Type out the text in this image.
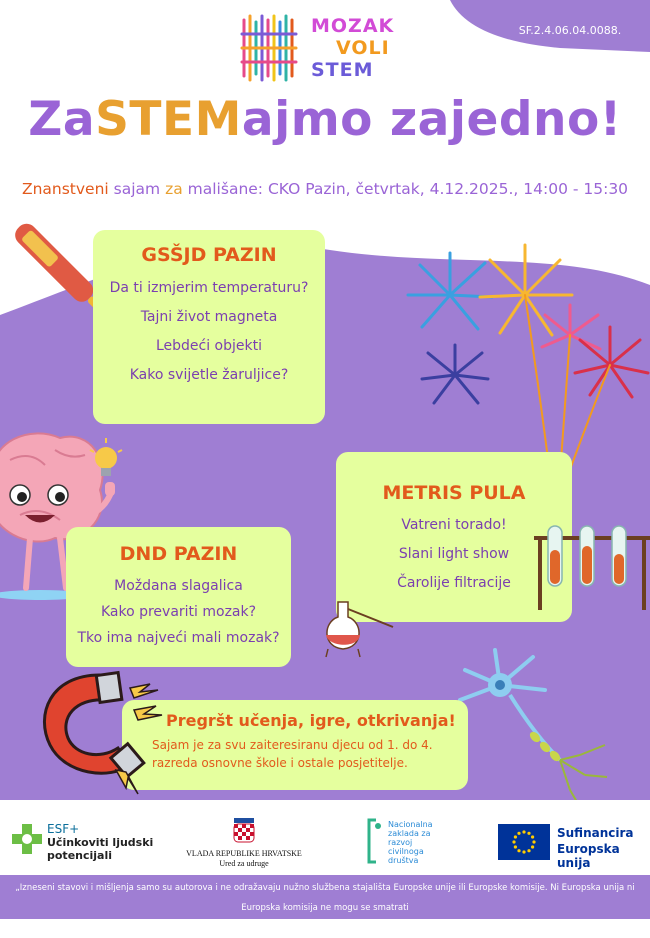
SF.2.4.06.04.0088.
MOZAK
VOLI
STEM
ZaSTEMajmo zajedno!
Znanstveni sajam za mališane: CKO Pazin, četvrtak, 4.12.2025., 14:00 - 15:30
GSŠJD PAZIN
Da ti izmjerim temperaturu?
Tajni život magneta
Lebdeći objekti
Kako svijetle žaruljice?
METRIS PULA
Vatreni torado!
Slani light show
Čarolije filtracije
DND PAZIN
Moždana slagalica
Kako prevariti mozak?
Tko ima najveći mali mozak?
Pregršt učenja, igre, otkrivanja!
Sajam je za svu zaiteresiranu djecu od 1. do 4.
razreda osnovne škole i ostale posjetitelje.
ESF+
Učinkoviti ljudski
potencijali	VLADA REPUBLIKE HRVATSKE
Ured za udruge
Nacionalna
zaklada za
razvoj
civilnoga
društva
Sufinancira
Europska unija
„Izneseni stavovi i mišljenja samo su autorova i ne odražavaju nužno službena stajališta Europske unije ili Europske komisije. Ni Europska unija ni Europska komisija ne mogu se smatrati
odgovornima za njih."
